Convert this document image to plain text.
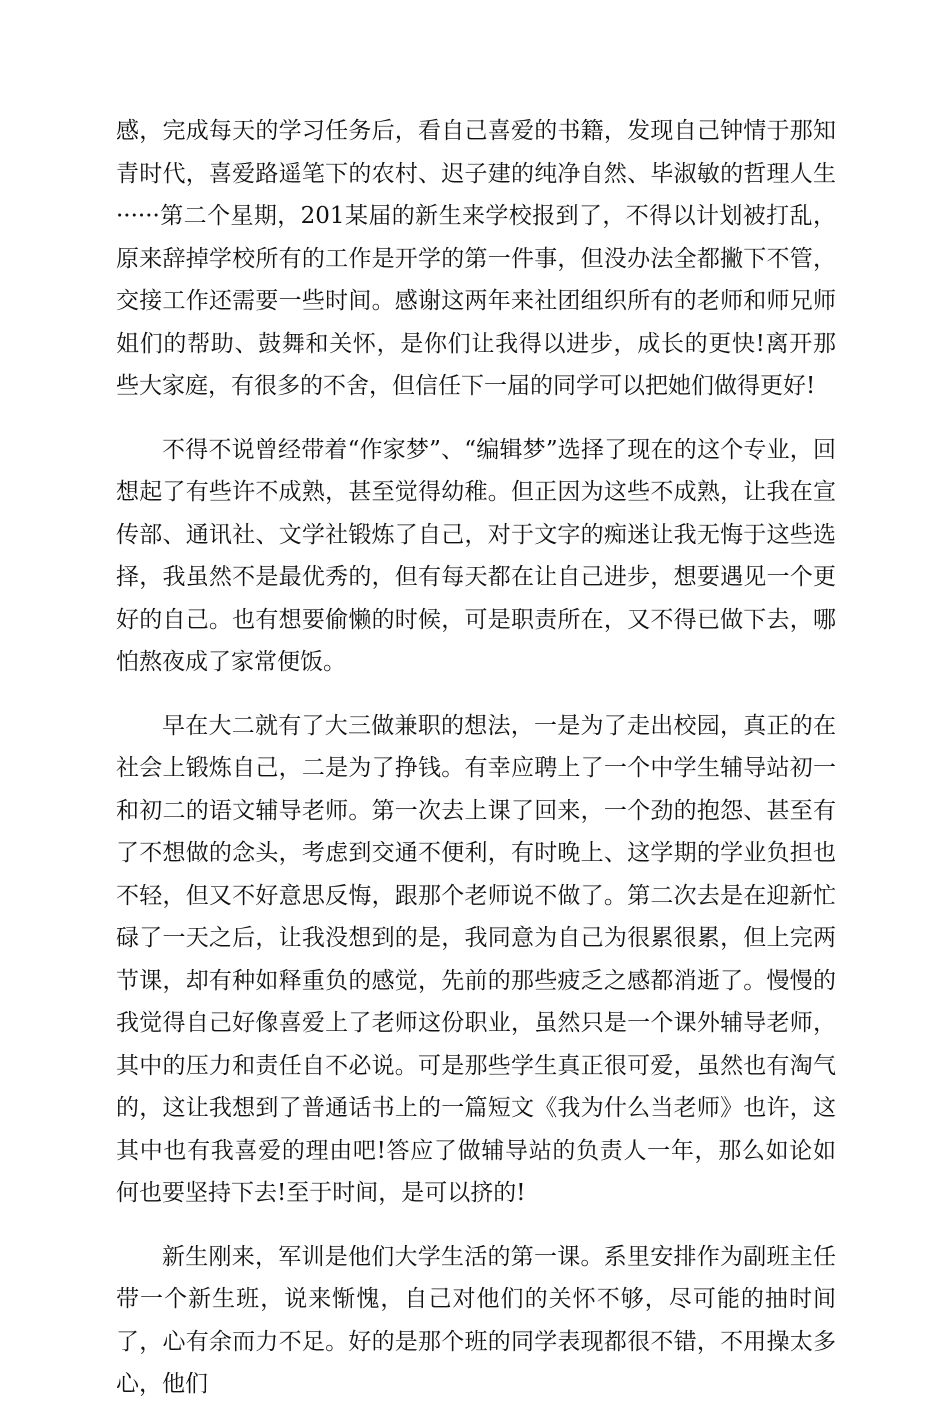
感，完成每天的学习任务后，看自己喜爱的书籍，发现自己钟情于那知青时代，喜爱路遥笔下的农村、迟子建的纯净自然、毕淑敏的哲理人生······第二个星期，201某届的新生来学校报到了，不得以计划被打乱，原来辞掉学校所有的工作是开学的第一件事，但没办法全都撇下不管，交接工作还需要一些时间。感谢这两年来社团组织所有的老师和师兄师姐们的帮助、鼓舞和关怀，是你们让我得以进步，成长的更快!离开那些大家庭，有很多的不舍，但信任下一届的同学可以把她们做得更好!

不得不说曾经带着“作家梦”、“编辑梦”选择了现在的这个专业，回想起了有些许不成熟，甚至觉得幼稚。但正因为这些不成熟，让我在宣传部、通讯社、文学社锻炼了自己，对于文字的痴迷让我无悔于这些选择，我虽然不是最优秀的，但有每天都在让自己进步，想要遇见一个更好的自己。也有想要偷懒的时候，可是职责所在，又不得已做下去，哪怕熬夜成了家常便饭。

早在大二就有了大三做兼职的想法，一是为了走出校园，真正的在社会上锻炼自己，二是为了挣钱。有幸应聘上了一个中学生辅导站初一和初二的语文辅导老师。第一次去上课了回来，一个劲的抱怨、甚至有了不想做的念头，考虑到交通不便利，有时晚上、这学期的学业负担也不轻，但又不好意思反悔，跟那个老师说不做了。第二次去是在迎新忙碌了一天之后，让我没想到的是，我同意为自己为很累很累，但上完两节课，却有种如释重负的感觉，先前的那些疲乏之感都消逝了。慢慢的我觉得自己好像喜爱上了老师这份职业，虽然只是一个课外辅导老师，其中的压力和责任自不必说。可是那些学生真正很可爱，虽然也有淘气的，这让我想到了普通话书上的一篇短文《我为什么当老师》也许，这其中也有我喜爱的理由吧!答应了做辅导站的负责人一年，那么如论如何也要坚持下去!至于时间，是可以挤的!

新生刚来，军训是他们大学生活的第一课。系里安排作为副班主任带一个新生班，说来惭愧，自己对他们的关怀不够，尽可能的抽时间了，心有余而力不足。好的是那个班的同学表现都很不错，不用操太多心，他们
